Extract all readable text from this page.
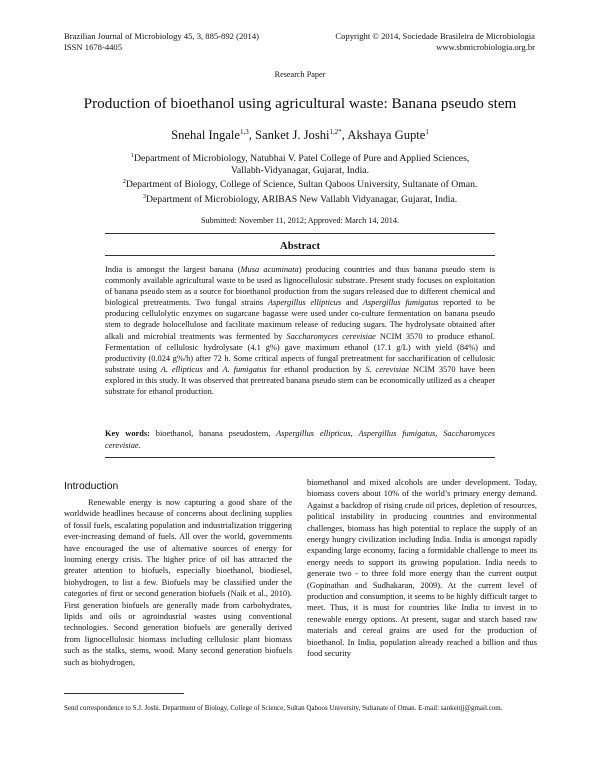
Brazilian Journal of Microbiology 45, 3, 885-892 (2014)
ISSN 1678-4405
Copyright © 2014, Sociedade Brasileira de Microbiologia
www.sbmicrobiologia.org.br
Research Paper
Production of bioethanol using agricultural waste: Banana pseudo stem
Snehal Ingale$^{1,3}$, Sanket J. Joshi$^{1,2*}$, Akshaya Gupte$^1$
$^1$Department of Microbiology, Natubhai V. Patel College of Pure and Applied Sciences,
Vallabh-Vidyanagar, Gujarat, India.
$^2$Department of Biology, College of Science, Sultan Qaboos University, Sultanate of Oman.
$^3$Department of Microbiology, ARIBAS New Vallabh Vidyanagar, Gujarat, India.
Submitted: November 11, 2012; Approved: March 14, 2014.
Abstract
India is amongst the largest banana (Musa acuminata) producing countries and thus banana pseudo stem is commonly available agricultural waste to be used as lignocellulosic substrate. Present study focuses on exploitation of banana pseudo stem as a source for bioethanol production from the sugars released due to different chemical and biological pretreatments. Two fungal strains Aspergillus ellipticus and Aspergillus fumigatus reported to be producing cellulolytic enzymes on sugarcane bagasse were used under co-culture fermentation on banana pseudo stem to degrade holocellulose and facilitate maximum release of reducing sugars. The hydrolysate obtained after alkali and microbial treatments was fermented by Saccharomyces cerevisiae NCIM 3570 to produce ethanol. Fermentation of cellulosic hydrolysate (4.1 g%) gave maximum ethanol (17.1 g/L) with yield (84%) and productivity (0.024 g%/h) after 72 h. Some critical aspects of fungal pretreatment for saccharification of cellulosic substrate using A. ellipticus and A. fumigatus for ethanol production by S. cerevisiae NCIM 3570 have been explored in this study. It was observed that pretreated banana pseudo stem can be economically utilized as a cheaper substrate for ethanol production.
Key words: bioethanol, banana pseudostem, Aspergillus ellipticus, Aspergillus fumigatus, Saccharomyces cerevisiae.
Introduction
Renewable energy is now capturing a good share of the worldwide headlines because of concerns about declining supplies of fossil fuels, escalating population and industrialization triggering ever-increasing demand of fuels. All over the world, governments have encouraged the use of alternative sources of energy for looming energy crisis. The higher price of oil has attracted the greater attention to biofuels, especially bioethanol, biodiesel, biohydrogen, to list a few. Biofuels may be classified under the categories of first or second generation biofuels (Naik et al., 2010). First generation biofuels are generally made from carbohydrates, lipids and oils or agroindusrial wastes using conventional technologies. Second generation biofuels are generally derived from lignocellulosic biomass including cellulosic plant biomass such as the stalks, stems, wood. Many second generation biofuels such as biohydrogen,
biomethanol and mixed alcohols are under development. Today, biomass covers about 10% of the world’s primary energy demand. Against a backdrop of rising crude oil prices, depletion of resources, political instability in producing countries and environmental challenges, biomass has high potential to replace the supply of an energy hungry civilization including India. India is amongst rapidly expanding large economy, facing a formidable challenge to meet its energy needs to support its growing population. India needs to generate two - to three fold more energy than the current output (Gopinathan and Sudhakaran, 2009). At the current level of production and consumption, it seems to be highly difficult target to meet. Thus, it is must for countries like India to invest in to renewable energy options. At present, sugar and starch based raw materials and cereal grains are used for the production of bioethanol. In India, population already reached a billion and thus food security
Send correspondence to S.J. Joshi. Department of Biology, College of Science, Sultan Qaboos University, Sultanate of Oman. E-mail: sankeitjj@gmail.com.
